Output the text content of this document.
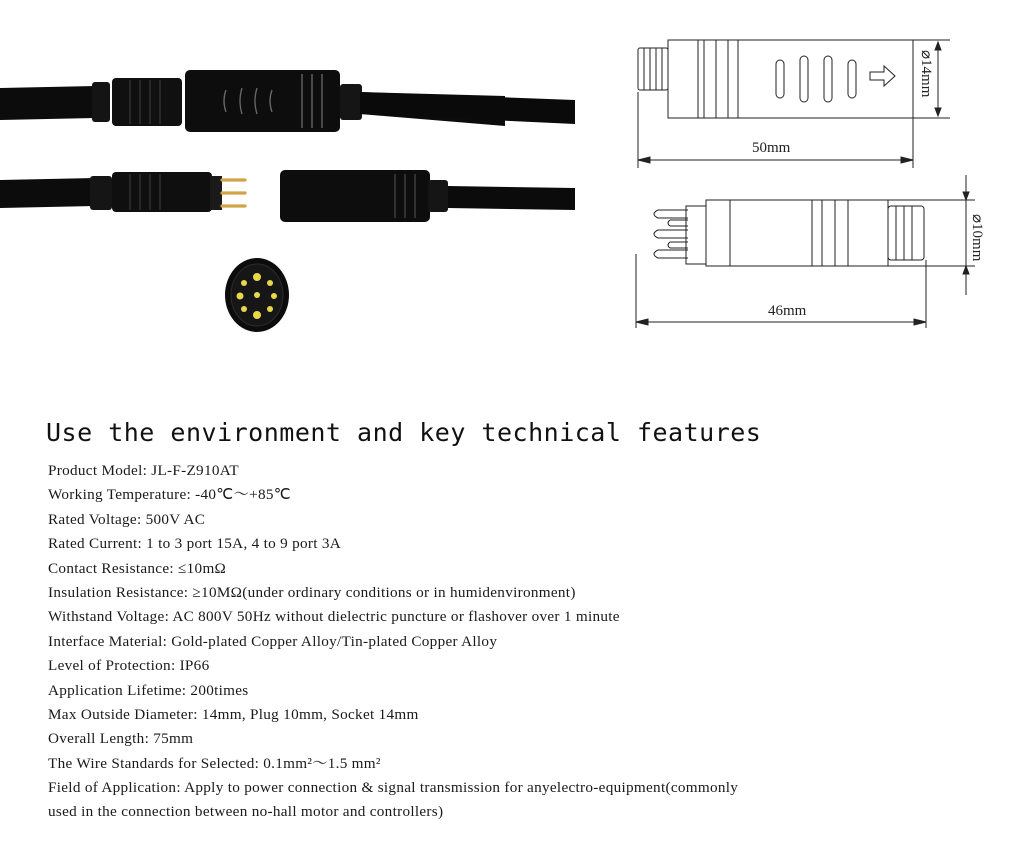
50mm
⌀14mm
46mm
⌀10mm
Use the environment and key technical features
Product Model : JL-F-Z910AT
Working Temperature : -40℃～+85℃
Rated Voltage : 500V AC
Rated Current : 1 to 3 port 15A, 4 to 9 port 3A
Contact Resistance : ≤10mΩ
Insulation Resistance : ≥10MΩ(under ordinary conditions or in humidenvironment)
Withstand Voltage : AC 800V 50Hz without dielectric puncture or flashover over 1 minute
Interface Material : Gold-plated Copper Alloy/Tin-plated Copper Alloy
Level of Protection : IP66
Application Lifetime : 200times
Max Outside Diameter : 14mm, Plug 10mm, Socket 14mm
Overall Length : 75mm
The Wire Standards for Selected : 0.1mm²～1.5 mm²
Field of Application : Apply to power connection & signal transmission for anyelectro-equipment(commonly used in the connection between no-hall motor and controllers)
